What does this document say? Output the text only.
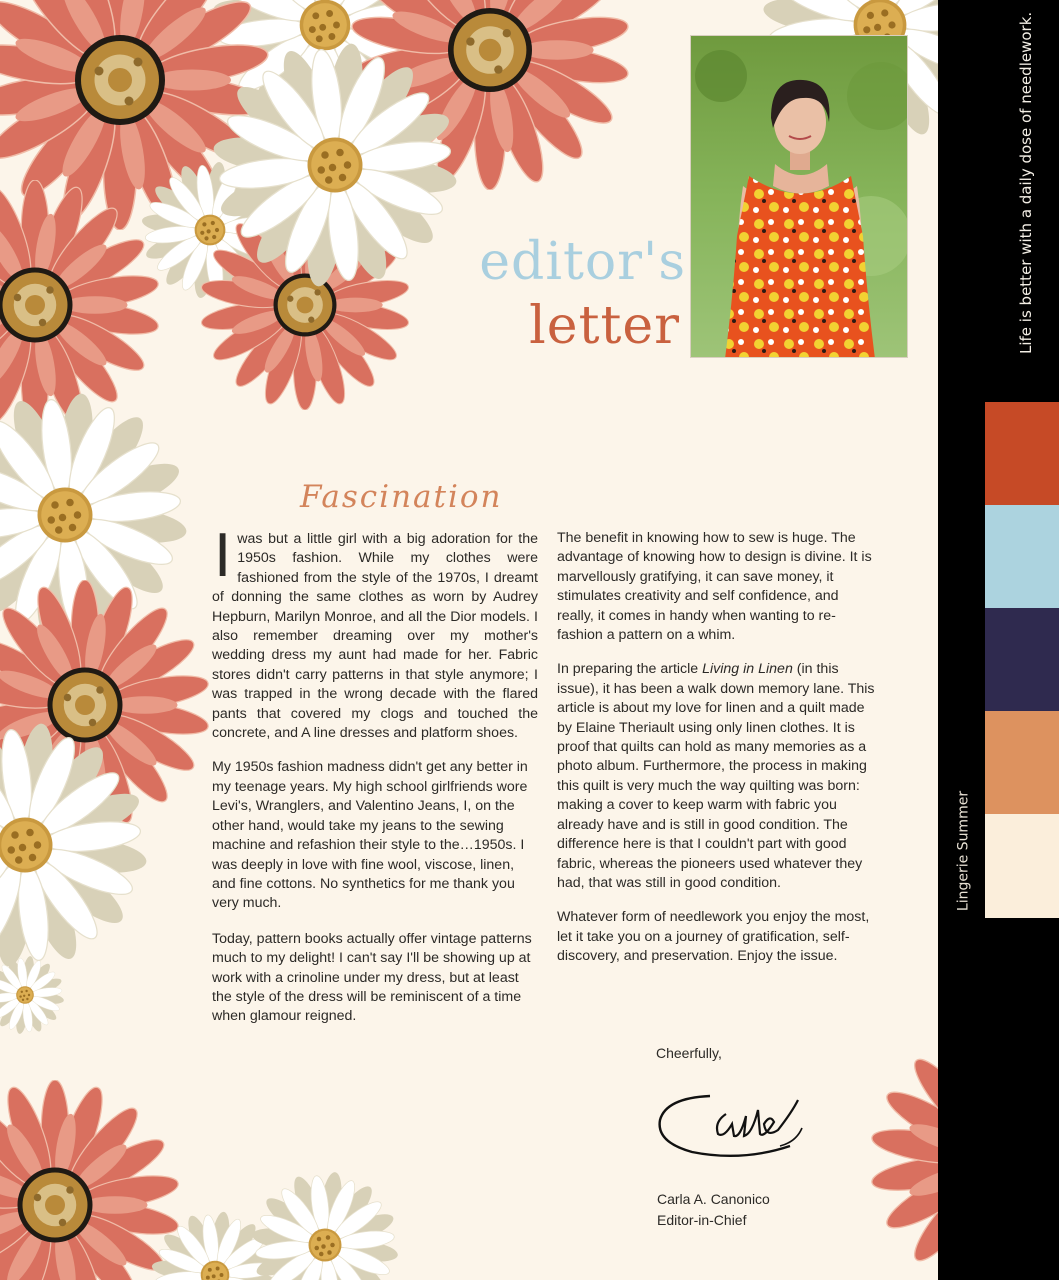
editor's
letter	Life is better with a daily dose of needlework.
Lingerie Summer
Fascination

Iwas but a little girl with a big adoration for the 1950s fashion. While my clothes were fashioned from the style of the 1970s, I dreamt of donning the same clothes as worn by Audrey Hepburn, Marilyn Monroe, and all the Dior models. I also remember dreaming over my mother's wedding dress my aunt had made for her. Fabric stores didn't carry patterns in that style anymore; I was trapped in the wrong decade with the flared pants that covered my clogs and touched the concrete, and A line dresses and platform shoes.

My 1950s fashion madness didn't get any better in my teenage years. My high school girlfriends wore Levi's, Wranglers, and Valentino Jeans, I, on the other hand, would take my jeans to the sewing machine and refashion their style to the…1950s. I was deeply in love with fine wool, viscose, linen, and fine cottons. No synthetics for me thank you very much.

Today, pattern books actually offer vintage patterns much to my delight! I can't say I'll be showing up at work with a crinoline under my dress, but at least the style of the dress will be reminiscent of a time when glamour reigned.

The benefit in knowing how to sew is huge. The advantage of knowing how to design is divine. It is marvellously gratifying, it can save money, it stimulates creativity and self confidence, and really, it comes in handy when wanting to re-fashion a pattern on a whim.

In preparing the article Living in Linen (in this issue), it has been a walk down memory lane. This article is about my love for linen and a quilt made by Elaine Theriault using only linen clothes. It is proof that quilts can hold as many memories as a photo album. Furthermore, the process in making this quilt is very much the way quilting was born: making a cover to keep warm with fabric you already have and is still in good condition. The difference here is that I couldn't part with good fabric, whereas the pioneers used whatever they had, that was still in good condition.

Whatever form of needlework you enjoy the most, let it take you on a journey of gratification, self-discovery, and preservation. Enjoy the issue.

Cheerfully,
Carla A. Canonico
Editor-in-Chief
